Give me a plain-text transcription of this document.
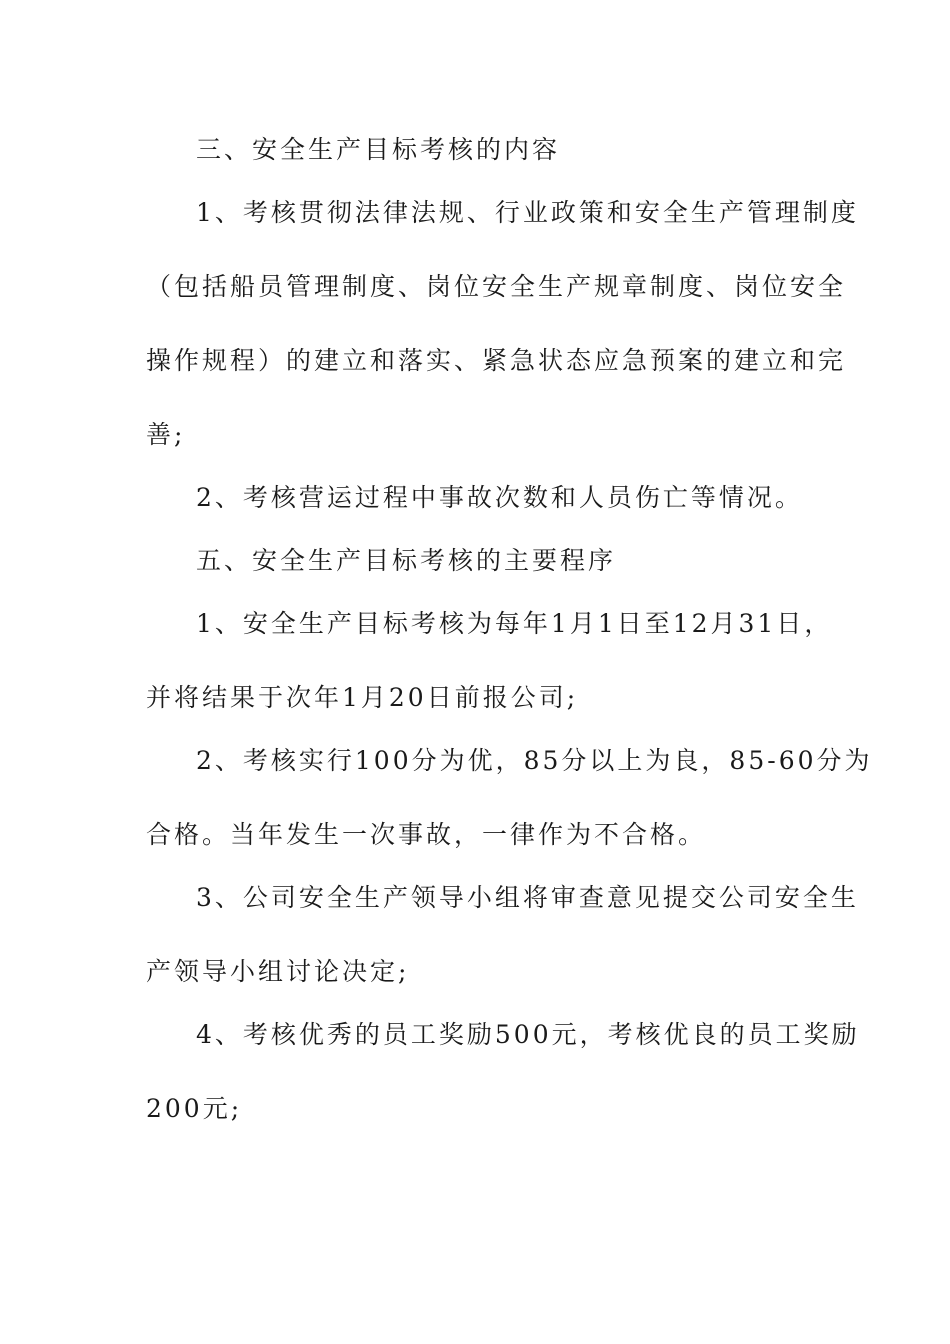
三、安全生产目标考核的内容
1、考核贯彻法律法规、行业政策和安全生产管理制度
（包括船员管理制度、岗位安全生产规章制度、岗位安全
操作规程）的建立和落实、紧急状态应急预案的建立和完
善;
2、考核营运过程中事故次数和人员伤亡等情况。
五、安全生产目标考核的主要程序
1、安全生产目标考核为每年1月1日至12月31日，
并将结果于次年1月20日前报公司;
2、考核实行100分为优，85分以上为良，85-60分为
合格。当年发生一次事故，一律作为不合格。
3、公司安全生产领导小组将审查意见提交公司安全生
产领导小组讨论决定;
4、考核优秀的员工奖励500元，考核优良的员工奖励
200元;
